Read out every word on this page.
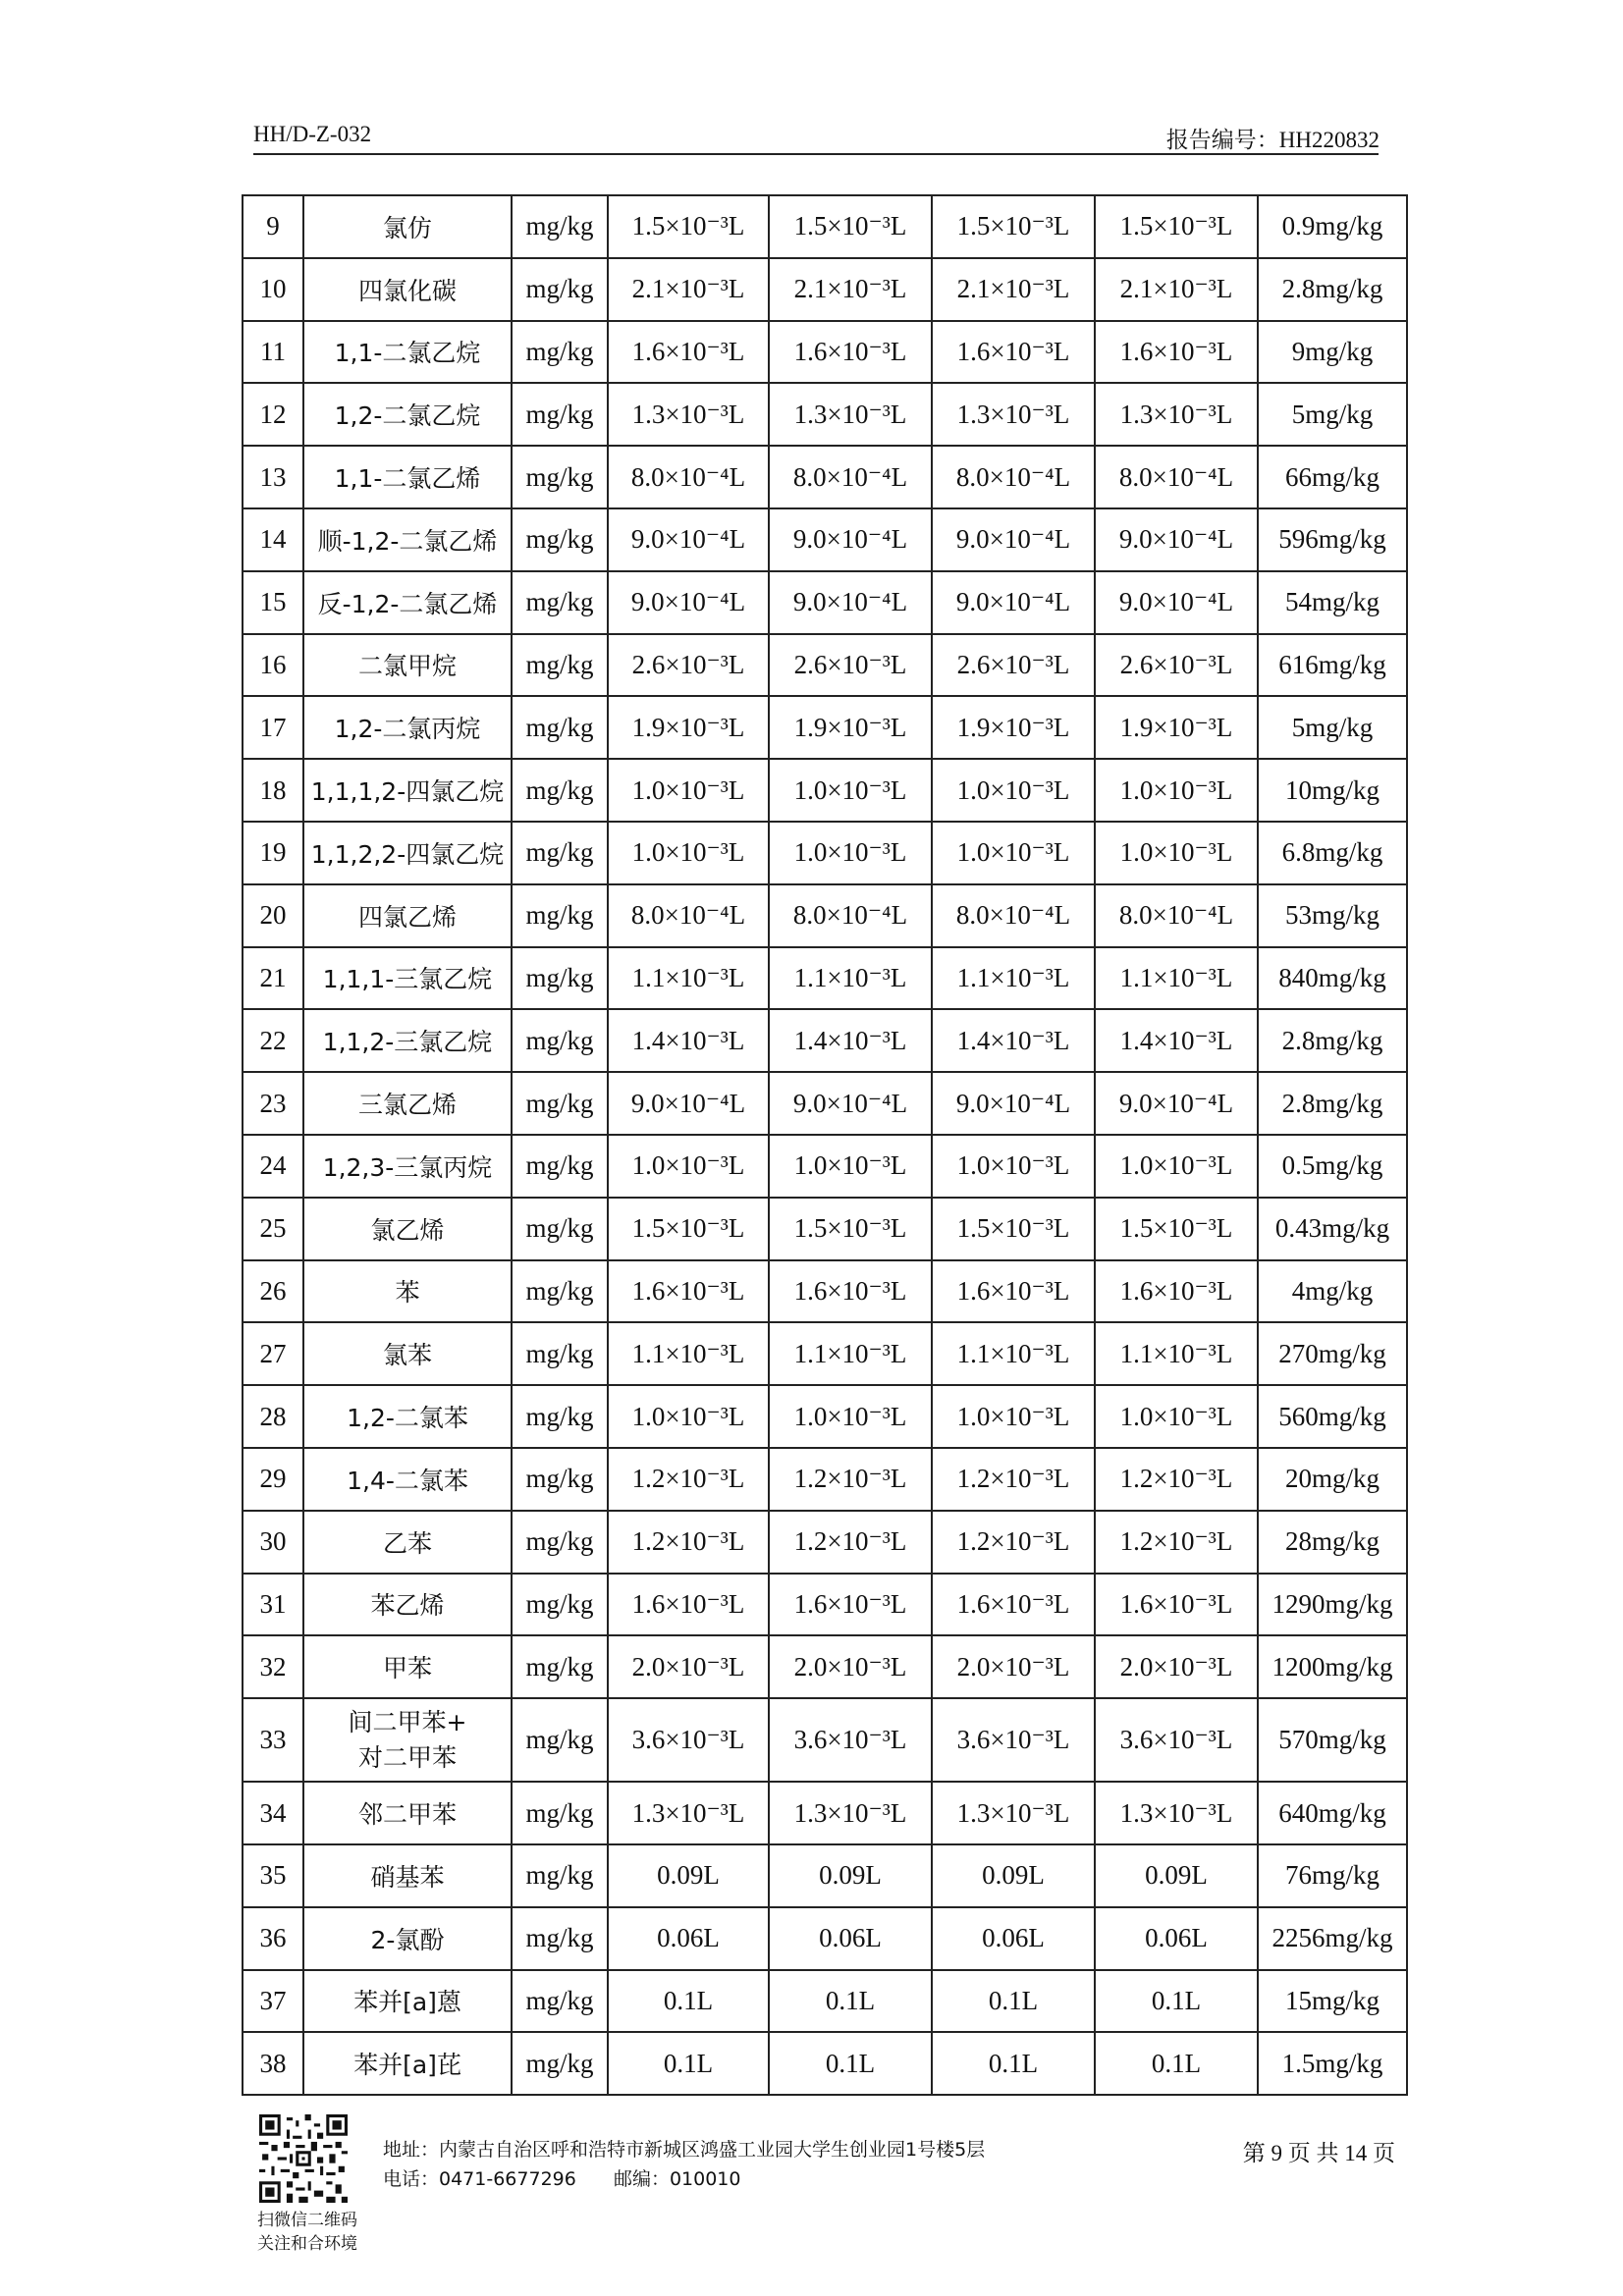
HH/D-Z-032	报告编号：HH220832
9	氯仿	mg/kg	1.5×10⁻³L	1.5×10⁻³L	1.5×10⁻³L	1.5×10⁻³L	0.9mg/kg
10	四氯化碳	mg/kg	2.1×10⁻³L	2.1×10⁻³L	2.1×10⁻³L	2.1×10⁻³L	2.8mg/kg
11	1,1-二氯乙烷	mg/kg	1.6×10⁻³L	1.6×10⁻³L	1.6×10⁻³L	1.6×10⁻³L	9mg/kg
12	1,2-二氯乙烷	mg/kg	1.3×10⁻³L	1.3×10⁻³L	1.3×10⁻³L	1.3×10⁻³L	5mg/kg
13	1,1-二氯乙烯	mg/kg	8.0×10⁻⁴L	8.0×10⁻⁴L	8.0×10⁻⁴L	8.0×10⁻⁴L	66mg/kg
14	顺-1,2-二氯乙烯	mg/kg	9.0×10⁻⁴L	9.0×10⁻⁴L	9.0×10⁻⁴L	9.0×10⁻⁴L	596mg/kg
15	反-1,2-二氯乙烯	mg/kg	9.0×10⁻⁴L	9.0×10⁻⁴L	9.0×10⁻⁴L	9.0×10⁻⁴L	54mg/kg
16	二氯甲烷	mg/kg	2.6×10⁻³L	2.6×10⁻³L	2.6×10⁻³L	2.6×10⁻³L	616mg/kg
17	1,2-二氯丙烷	mg/kg	1.9×10⁻³L	1.9×10⁻³L	1.9×10⁻³L	1.9×10⁻³L	5mg/kg
18	1,1,1,2-四氯乙烷	mg/kg	1.0×10⁻³L	1.0×10⁻³L	1.0×10⁻³L	1.0×10⁻³L	10mg/kg
19	1,1,2,2-四氯乙烷	mg/kg	1.0×10⁻³L	1.0×10⁻³L	1.0×10⁻³L	1.0×10⁻³L	6.8mg/kg
20	四氯乙烯	mg/kg	8.0×10⁻⁴L	8.0×10⁻⁴L	8.0×10⁻⁴L	8.0×10⁻⁴L	53mg/kg
21	1,1,1-三氯乙烷	mg/kg	1.1×10⁻³L	1.1×10⁻³L	1.1×10⁻³L	1.1×10⁻³L	840mg/kg
22	1,1,2-三氯乙烷	mg/kg	1.4×10⁻³L	1.4×10⁻³L	1.4×10⁻³L	1.4×10⁻³L	2.8mg/kg
23	三氯乙烯	mg/kg	9.0×10⁻⁴L	9.0×10⁻⁴L	9.0×10⁻⁴L	9.0×10⁻⁴L	2.8mg/kg
24	1,2,3-三氯丙烷	mg/kg	1.0×10⁻³L	1.0×10⁻³L	1.0×10⁻³L	1.0×10⁻³L	0.5mg/kg
25	氯乙烯	mg/kg	1.5×10⁻³L	1.5×10⁻³L	1.5×10⁻³L	1.5×10⁻³L	0.43mg/kg
26	苯	mg/kg	1.6×10⁻³L	1.6×10⁻³L	1.6×10⁻³L	1.6×10⁻³L	4mg/kg
27	氯苯	mg/kg	1.1×10⁻³L	1.1×10⁻³L	1.1×10⁻³L	1.1×10⁻³L	270mg/kg
28	1,2-二氯苯	mg/kg	1.0×10⁻³L	1.0×10⁻³L	1.0×10⁻³L	1.0×10⁻³L	560mg/kg
29	1,4-二氯苯	mg/kg	1.2×10⁻³L	1.2×10⁻³L	1.2×10⁻³L	1.2×10⁻³L	20mg/kg
30	乙苯	mg/kg	1.2×10⁻³L	1.2×10⁻³L	1.2×10⁻³L	1.2×10⁻³L	28mg/kg
31	苯乙烯	mg/kg	1.6×10⁻³L	1.6×10⁻³L	1.6×10⁻³L	1.6×10⁻³L	1290mg/kg
32	甲苯	mg/kg	2.0×10⁻³L	2.0×10⁻³L	2.0×10⁻³L	2.0×10⁻³L	1200mg/kg
33	间二甲苯+
对二甲苯	mg/kg	3.6×10⁻³L	3.6×10⁻³L	3.6×10⁻³L	3.6×10⁻³L	570mg/kg
34	邻二甲苯	mg/kg	1.3×10⁻³L	1.3×10⁻³L	1.3×10⁻³L	1.3×10⁻³L	640mg/kg
35	硝基苯	mg/kg	0.09L	0.09L	0.09L	0.09L	76mg/kg
36	2-氯酚	mg/kg	0.06L	0.06L	0.06L	0.06L	2256mg/kg
37	苯并[a]蒽	mg/kg	0.1L	0.1L	0.1L	0.1L	15mg/kg
38	苯并[a]芘	mg/kg	0.1L	0.1L	0.1L	0.1L	1.5mg/kg
扫微信二维码
关注和合环境
地址：内蒙古自治区呼和浩特市新城区鸿盛工业园大学生创业园1号楼5层
电话：0471-6677296 邮编：010010
第 9 页 共 14 页
